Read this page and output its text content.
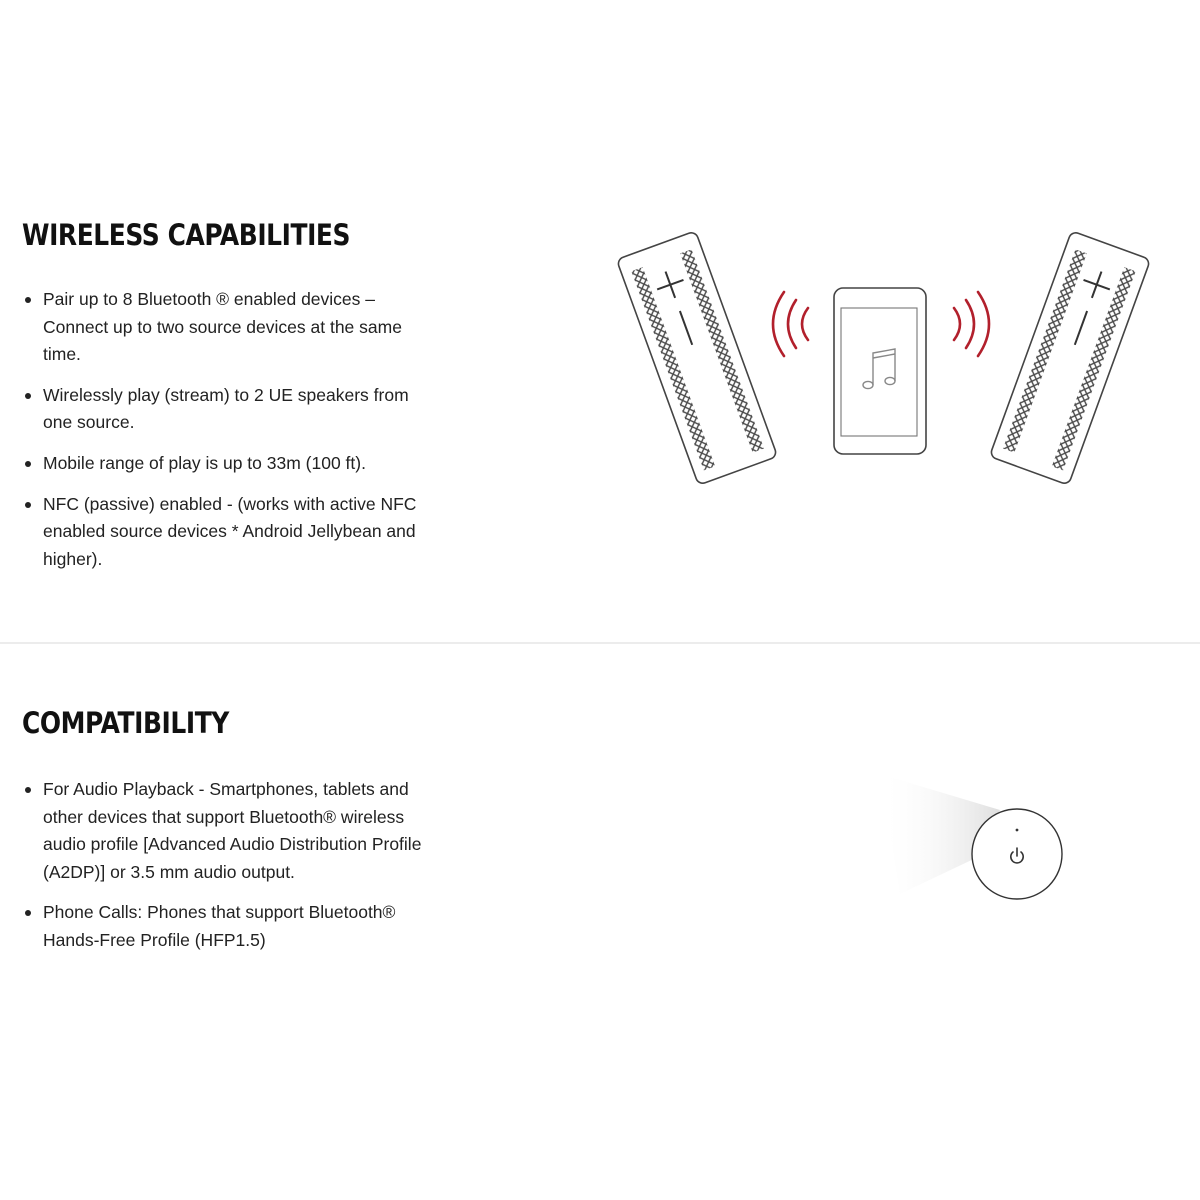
WIRELESS CAPABILITIES
Pair up to 8 Bluetooth ® enabled devices – Connect up to two source devices at the same time.
Wirelessly play (stream) to 2 UE speakers from one source.
Mobile range of play is up to 33m (100 ft).
NFC (passive) enabled - (works with active NFC enabled source devices * Android Jellybean and higher).
COMPATIBILITY
For Audio Playback - Smartphones, tablets and other devices that support Bluetooth® wireless audio profile [Advanced Audio Distribution Profile (A2DP)] or 3.5 mm audio output.
Phone Calls: Phones that support Bluetooth® Hands-Free Profile (HFP1.5)
